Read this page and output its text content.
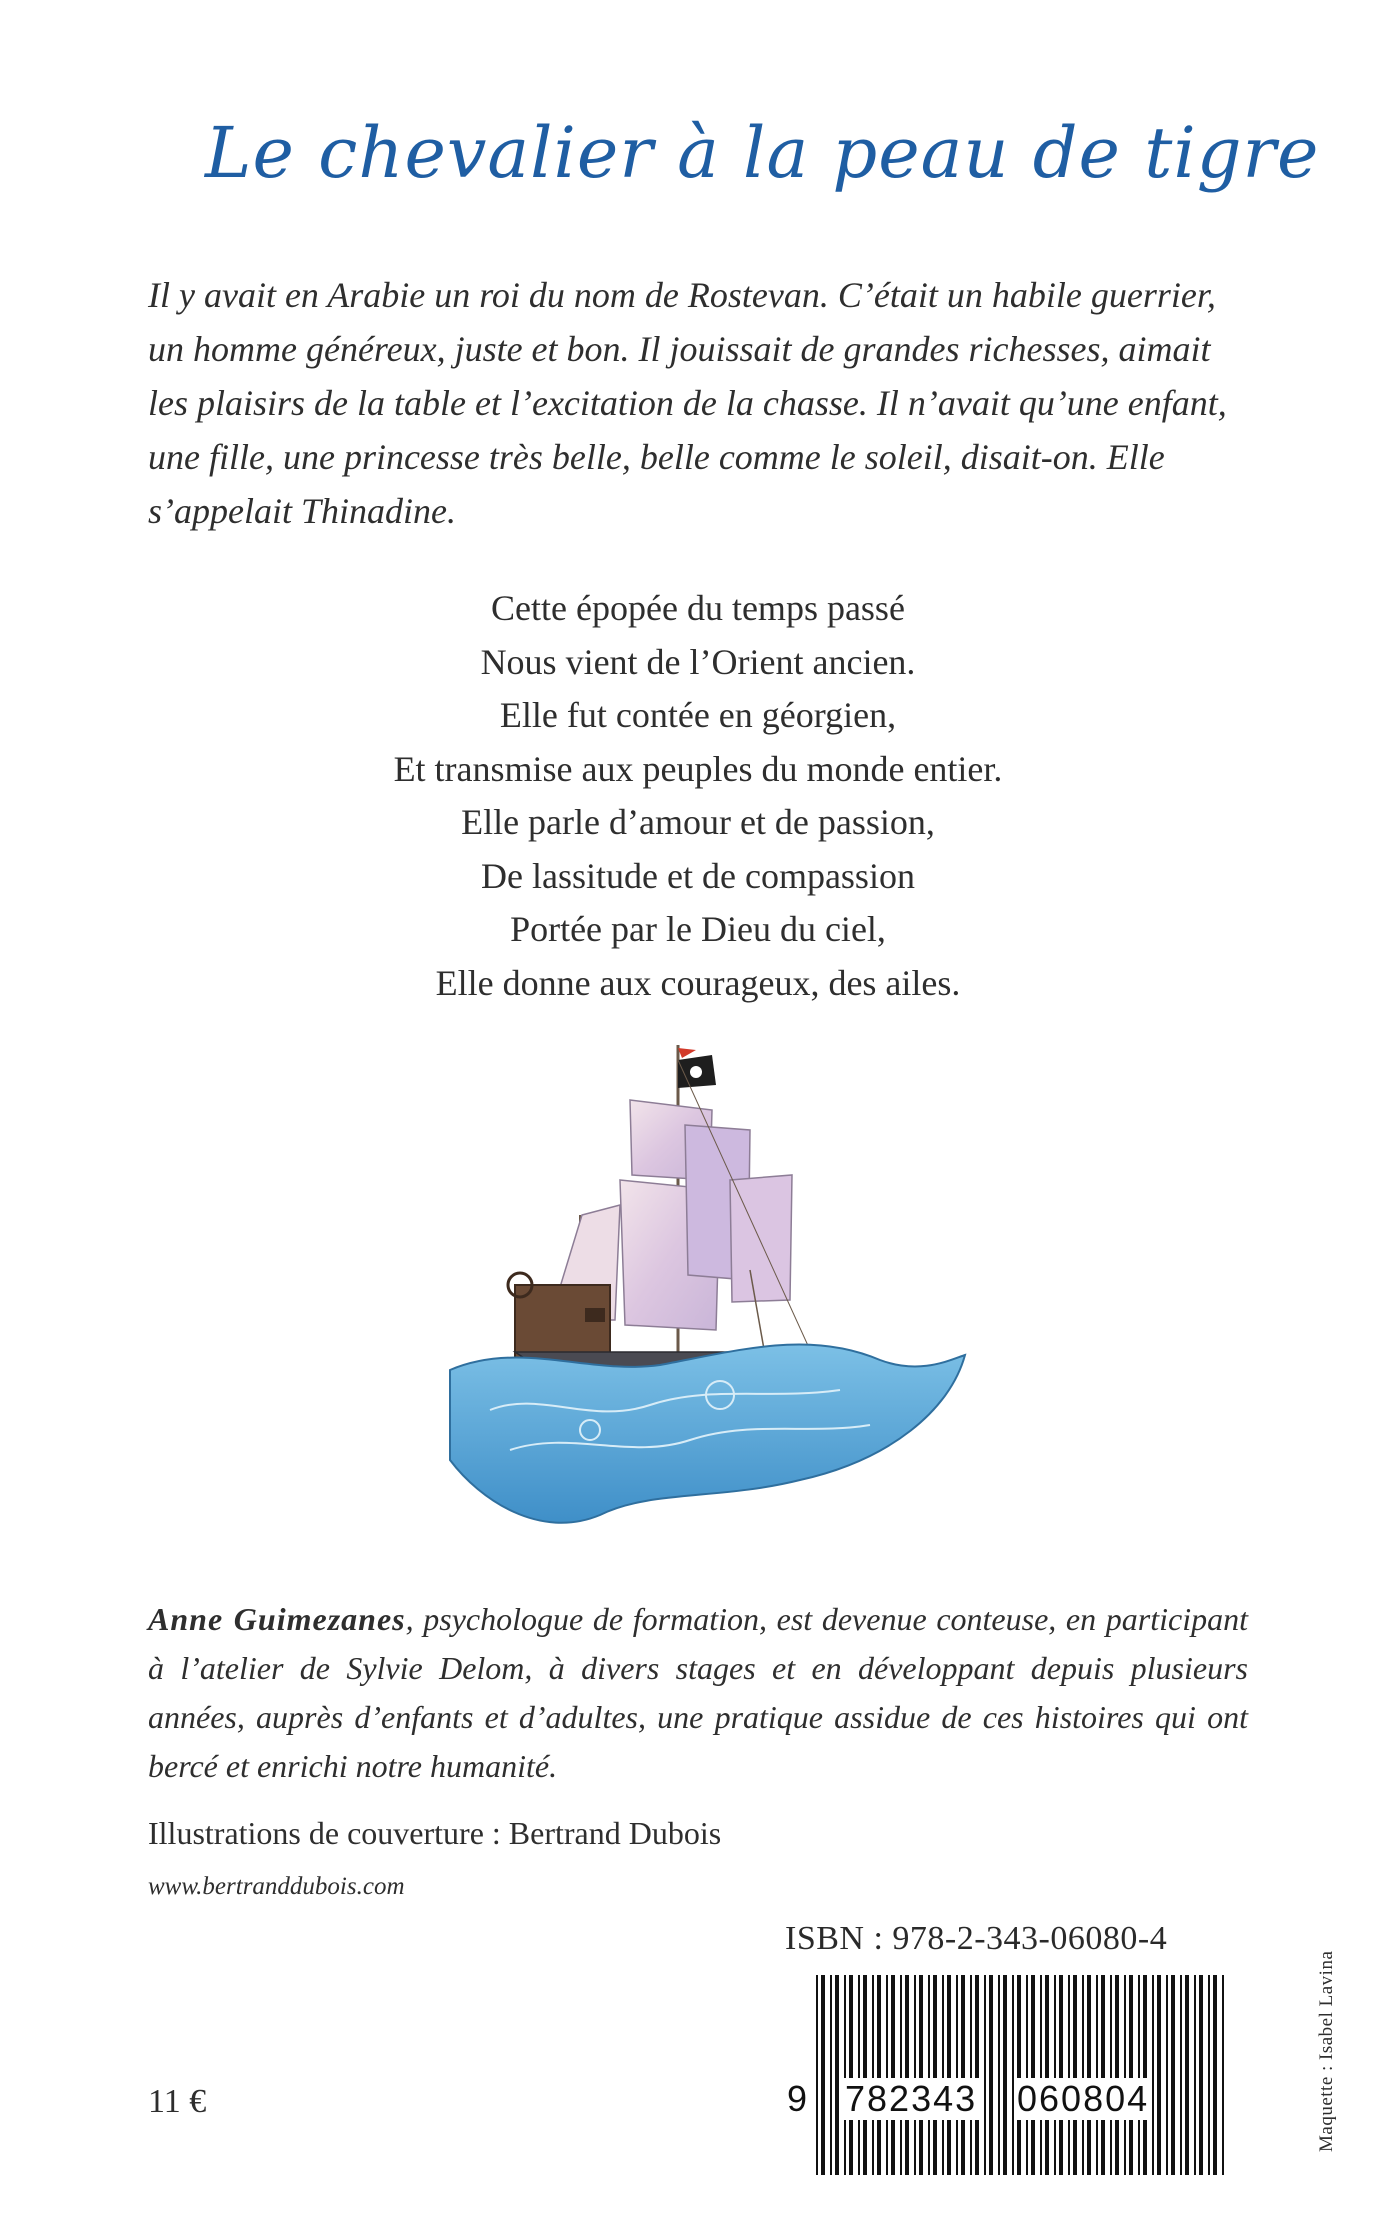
Le chevalier à la peau de tigre
Il y avait en Arabie un roi du nom de Rostevan. C’était un habile guerrier, un homme généreux, juste et bon. Il jouissait de grandes richesses, aimait les plaisirs de la table et l’excitation de la chasse. Il n’avait qu’une enfant, une fille, une princesse très belle, belle comme le soleil, disait-on. Elle s’appelait Thinadine.
Cette épopée du temps passé
Nous vient de l’Orient ancien.
Elle fut contée en géorgien,
Et transmise aux peuples du monde entier.
Elle parle d’amour et de passion,
De lassitude et de compassion
Portée par le Dieu du ciel,
Elle donne aux courageux, des ailes.
Anne Guimezanes, psychologue de formation, est devenue conteuse, en participant à l’atelier de Sylvie Delom, à divers stages et en développant depuis plusieurs années, auprès d’enfants et d’adultes, une pratique assidue de ces histoires qui ont bercé et enrichi notre humanité.
Illustrations de couverture : Bertrand Dubois
www.bertranddubois.com
ISBN : 978-2-343-06080-4
9 782343 060804
11 €	Maquette : Isabel Lavina
